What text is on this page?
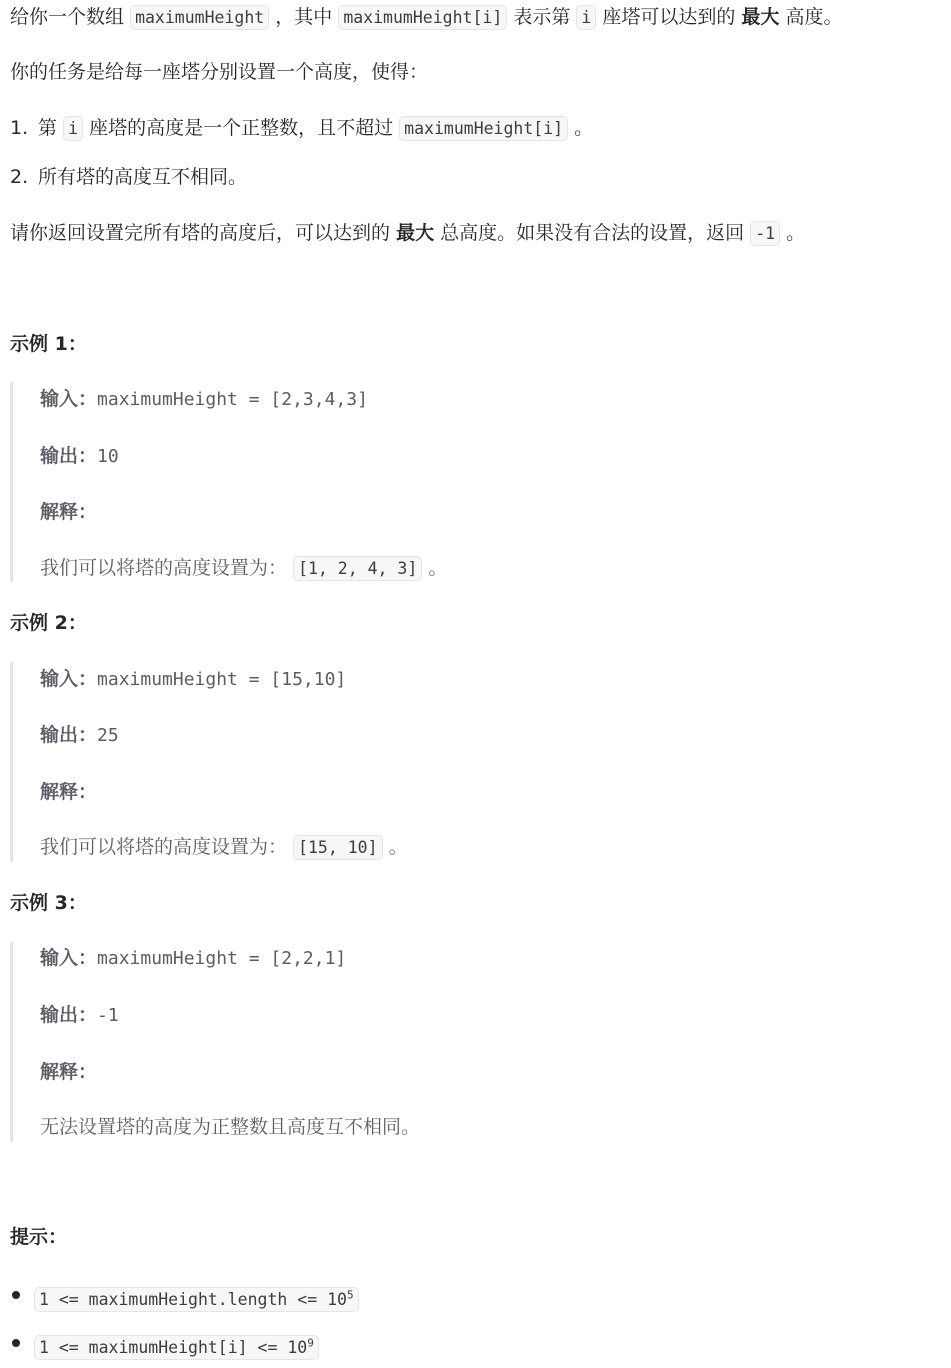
给你一个数组 maximumHeight ，其中 maximumHeight[i] 表示第 i 座塔可以达到的 最大 高度。
你的任务是给每一座塔分别设置一个高度，使得：
1. 第 i 座塔的高度是一个正整数，且不超过 maximumHeight[i] 。
2. 所有塔的高度互不相同。
请你返回设置完所有塔的高度后，可以达到的 最大 总高度。如果没有合法的设置，返回 -1 。
示例 1：
输入：maximumHeight = [2,3,4,3]
输出：10
解释：
我们可以将塔的高度设置为： [1, 2, 4, 3] 。
示例 2：
输入：maximumHeight = [15,10]
输出：25
解释：
我们可以将塔的高度设置为： [15, 10] 。
示例 3：
输入：maximumHeight = [2,2,1]
输出：-1
解释：
无法设置塔的高度为正整数且高度互不相同。
提示：
1 <= maximumHeight.length <= $10^5$
1 <= maximumHeight[i] <= $10^9$
